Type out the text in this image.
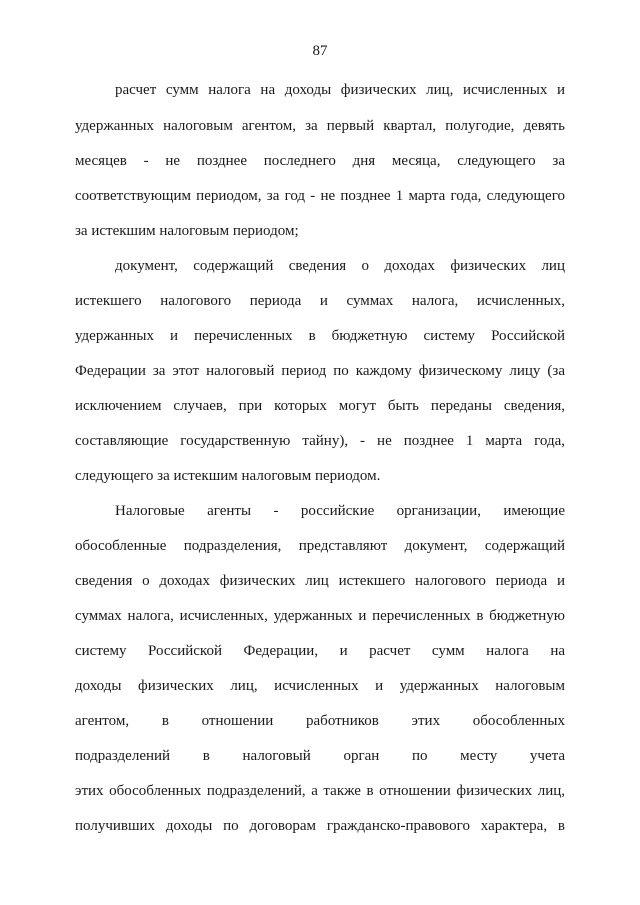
87
расчет сумм налога на доходы физических лиц, исчисленных и
удержанных налоговым агентом, за первый квартал, полугодие, девять
месяцев - не позднее последнего дня месяца, следующего за
соответствующим периодом, за год - не позднее 1 марта года, следующего
за истекшим налоговым периодом;
документ, содержащий сведения о доходах физических лиц
истекшего налогового периода и суммах налога, исчисленных,
удержанных и перечисленных в бюджетную систему Российской
Федерации за этот налоговый период по каждому физическому лицу (за
исключением случаев, при которых могут быть переданы сведения,
составляющие государственную тайну), - не позднее 1 марта года,
следующего за истекшим налоговым периодом.
Налоговые агенты - российские организации, имеющие
обособленные подразделения, представляют документ, содержащий
сведения о доходах физических лиц истекшего налогового периода и
суммах налога, исчисленных, удержанных и перечисленных в бюджетную
систему Российской Федерации, и расчет сумм налога на
доходы физических лиц, исчисленных и удержанных налоговым
агентом, в отношении работников этих обособленных
подразделений в налоговый орган по месту учета
этих обособленных подразделений, а также в отношении физических лиц,
получивших доходы по договорам гражданско-правового характера, в
